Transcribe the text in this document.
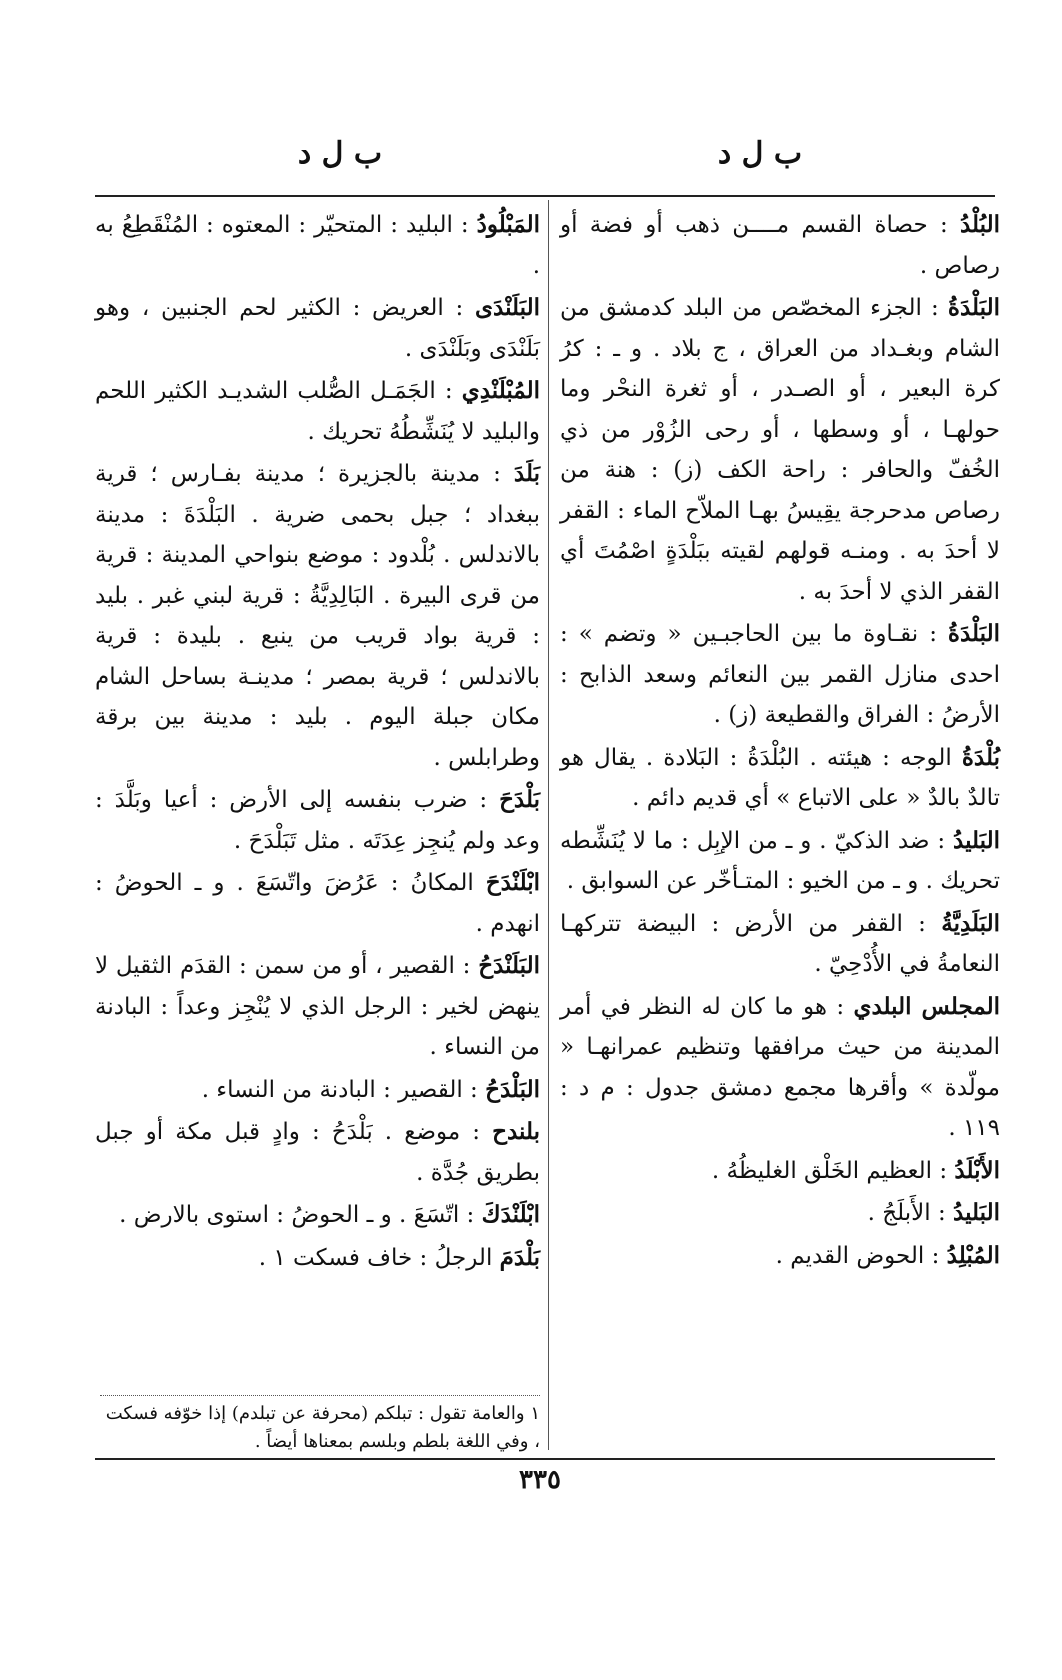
ب ل د
ب ل د
البُلْدُ : حصاة القسم مــــن ذهب أو فضة أو رصاص .
البَلْدَةُ : الجزء المخصّص من البلد كدمشق من الشام وبغـداد من العراق ، ج بلاد . و ـ : كرُ كرة البعير ، أو الصـدر ، أو ثغرة النحْر وما حولهـا ، أو وسطها ، أو رحى الزُوْر من ذي الخُفّ والحافر : راحة الكف (ز) : هنة من رصاص مدحرجة يقِيسُ بهـا الملاّح الماء : القفر لا أحدَ به . ومنـه قولهم لقيته ببَلْدَةٍ اصْمُتَ أي القفر الذي لا أحدَ به .
البَلْدَةُ : نقـاوة ما بين الحاجبـين « وتضم » : احدى منازل القمر بين النعائم وسعد الذابح : الأرضُ : الفراق والقطيعة (ز) .
بُلْدَةُ الوجه : هيئته . البُلْدَةُ : البَلادة . يقال هو تالدٌ بالدٌ « على الاتباع » أي قديم دائم .
البَليدُ : ضد الذكيّ . و ـ من الإبِل : ما لا يُنَشِّطه تحريك . و ـ من الخيو : المتـأخّر عن السوابق .
البَلَدِيَّةُ : القفر من الأرض : البيضة تتركهـا النعامةُ في الأُدْحِيّ .
المجلس البلدي : هو ما كان له النظر في أمر المدينة من حيث مرافقها وتنظيم عمرانهـا « مولّدة » وأقرها مجمع دمشق جدول : م د : ١١٩ .
الأَبْلَدُ : العظيم الخَلْق الغليظُهُ .
البَليدُ : الأَبلَجُ .
المُبْلِدُ : الحوض القديم .
المَبْلُودُ : البليد : المتحيّر : المعتوه : المُنْقَطِعُ به .
البَلَنْدَى : العريض : الكثير لحم الجنبين ، وهو بَلَنْدَى وبَلَنْدَى .
المُبْلَنْدِي : الجَمَـل الصُّلب الشديـد الكثير اللحم والبليد لا يُنَشِّطُهُ تحريك .
بَلَدَ : مدينة بالجزيرة ؛ مدينة بفـارس ؛ قرية ببغداد ؛ جبل بحمى ضرية . البَلْدَةَ : مدينة بالاندلس . بُلْدود : موضع بنواحي المدينة : قرية من قرى البيرة . البَالِدِيَّةُ : قرية لبني غبر . بليد : قرية بواد قريب من ينبع . بليدة : قرية بالاندلس ؛ قرية بمصر ؛ مدينـة بساحل الشام مكان جبلة اليوم . بليد : مدينة بين برقة وطرابلس .
بَلْدَحَ : ضرب بنفسه إلى الأرض : أعيا وبَلَّدَ : وعد ولم يُنجِز عِدَتَه . مثل تَبَلْدَحَ .
ابْلَنْدَحَ المكانُ : عَرُضَ واتّسَعَ . و ـ الحوضُ : انهدم .
البَلَنْدَحُ : القصير ، أو من سمن : القدَم الثقيل لا ينهض لخير : الرجل الذي لا يُنْجِز وعداً : البادنة من النساء .
البَلْدَحُ : القصير : البادنة من النساء .
بلندح : موضع . بَلْدَحُ : وادٍ قبل مكة أو جبل بطريق جُدَّة .
ابْلَنْدَكَ : اتّسَعَ . و ـ الحوضُ : استوى بالارض .
بَلْدَمَ الرجلُ : خاف فسكت ١ .
١ والعامة تقول : تبلكم (محرفة عن تبلدم) إذا خوّفه فسكت ، وفي اللغة بلطم وبلسم بمعناها أيضاً .
٣٣٥
